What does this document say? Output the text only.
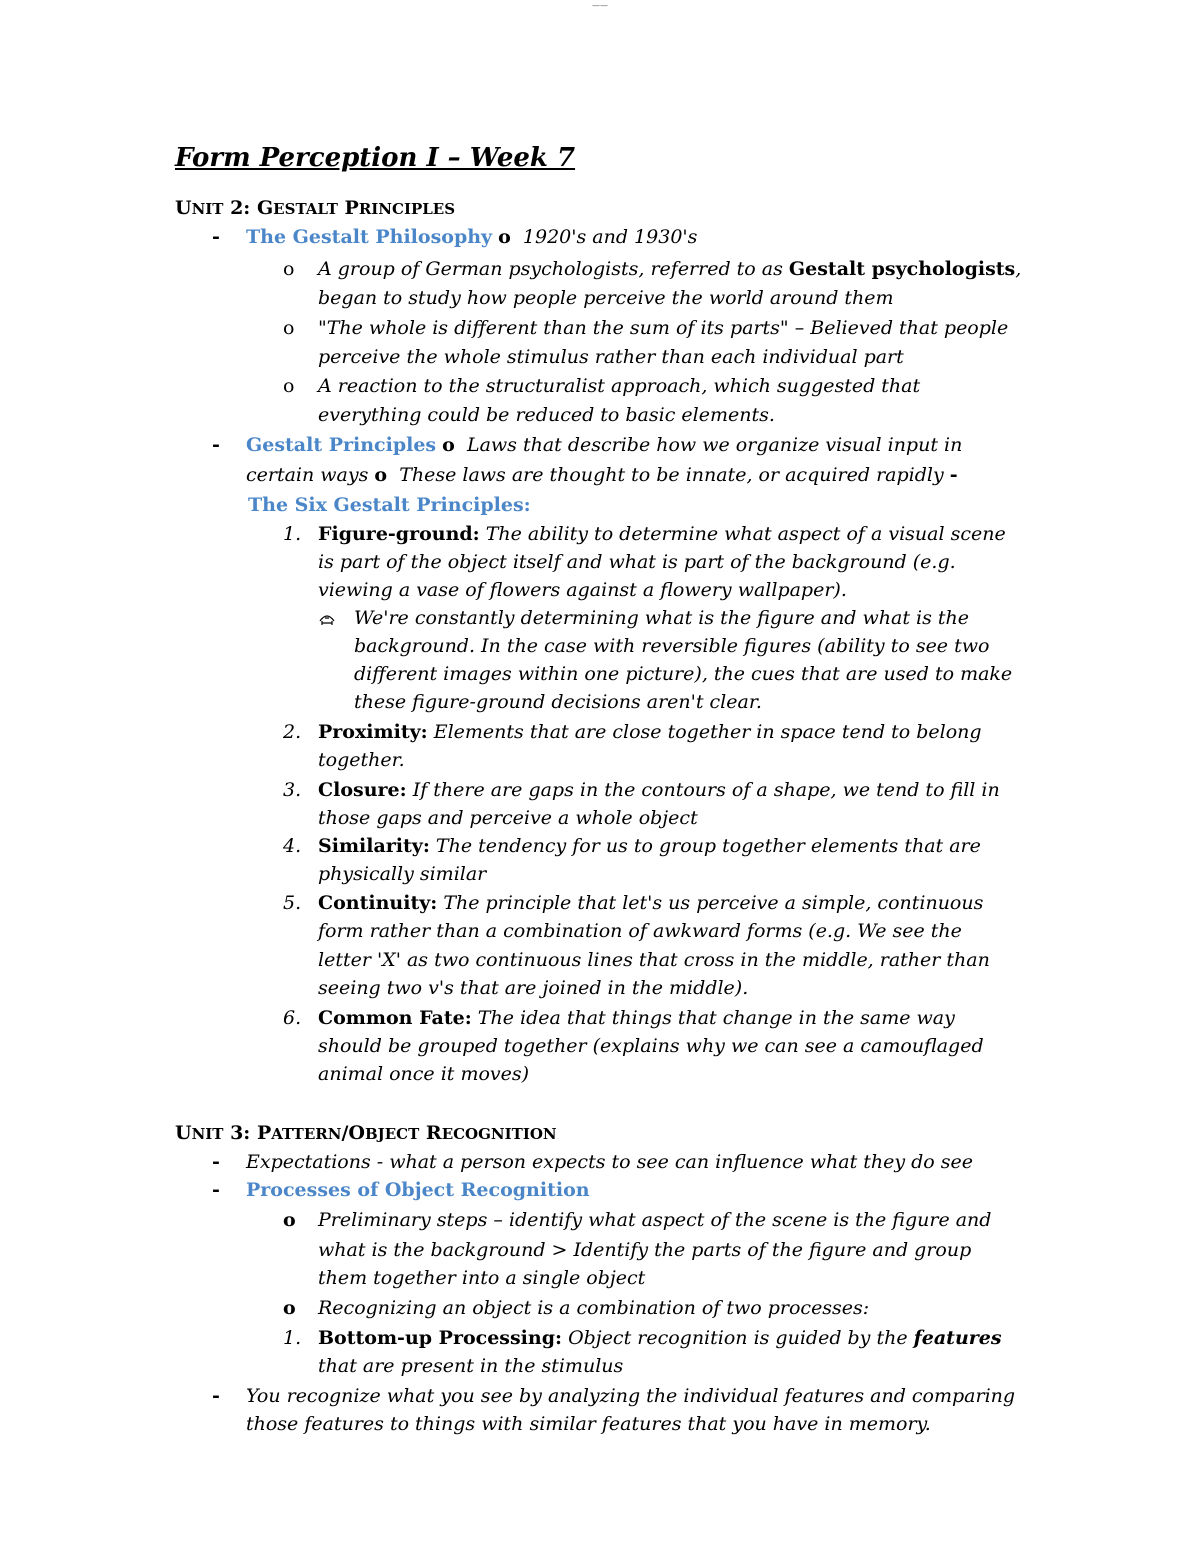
——
Form Perception I – Week 7
UNIT 2: GESTALT PRINCIPLES
- The Gestalt Philosophy o 1920's and 1930's
o A group of German psychologists, referred to as Gestalt psychologists,
began to study how people perceive the world around them
o "The whole is different than the sum of its parts" – Believed that people
perceive the whole stimulus rather than each individual part
o A reaction to the structuralist approach, which suggested that
everything could be reduced to basic elements.
- Gestalt Principles o Laws that describe how we organize visual input in
certain ways o These laws are thought to be innate, or acquired rapidly -
The Six Gestalt Principles:
1. Figure-ground: The ability to determine what aspect of a visual scene
is part of the object itself and what is part of the background (e.g.
viewing a vase of flowers against a flowery wallpaper).
We're constantly determining what is the figure and what is the
background. In the case with reversible figures (ability to see two
different images within one picture), the cues that are used to make
these figure-ground decisions aren't clear.
2. Proximity: Elements that are close together in space tend to belong
together.
3. Closure: If there are gaps in the contours of a shape, we tend to fill in
those gaps and perceive a whole object
4. Similarity: The tendency for us to group together elements that are
physically similar
5. Continuity: The principle that let's us perceive a simple, continuous
form rather than a combination of awkward forms (e.g. We see the
letter 'X' as two continuous lines that cross in the middle, rather than
seeing two v's that are joined in the middle).
6. Common Fate: The idea that things that change in the same way
should be grouped together (explains why we can see a camouflaged
animal once it moves)
UNIT 3: PATTERN/OBJECT RECOGNITION
- Expectations - what a person expects to see can influence what they do see
- Processes of Object Recognition
o Preliminary steps – identify what aspect of the scene is the figure and
what is the background > Identify the parts of the figure and group
them together into a single object
o Recognizing an object is a combination of two processes:
1. Bottom-up Processing: Object recognition is guided by the features
that are present in the stimulus
- You recognize what you see by analyzing the individual features and comparing
those features to things with similar features that you have in memory.
